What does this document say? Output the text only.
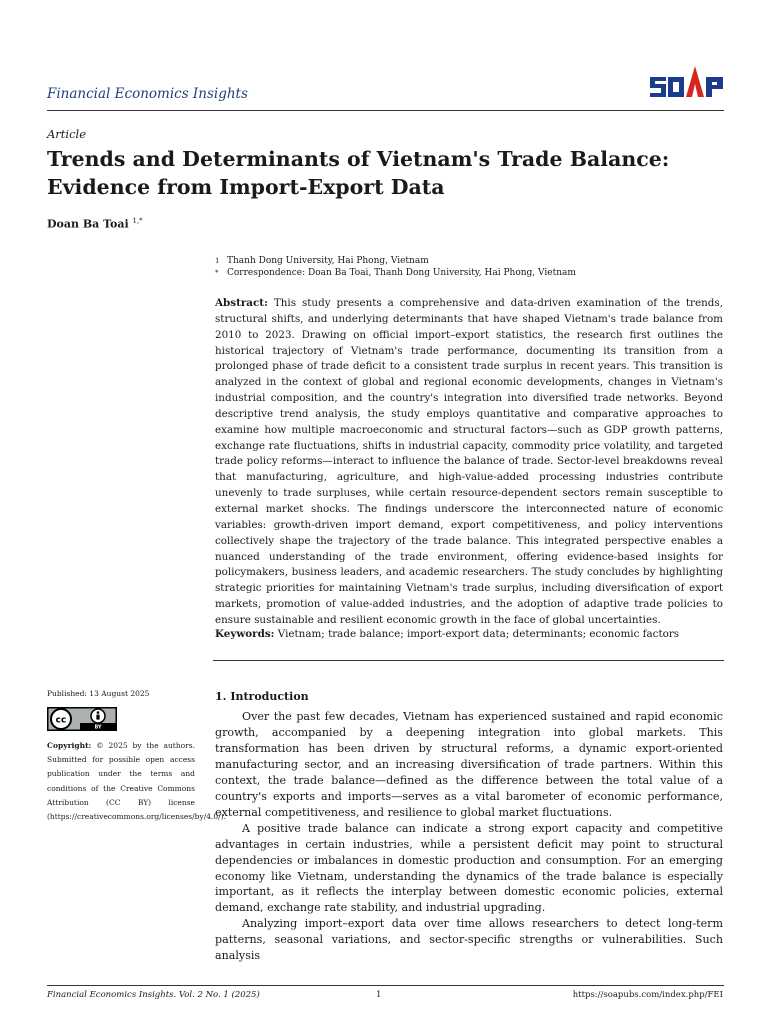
Financial Economics Insights
Article
Trends and Determinants of Vietnam's Trade Balance: Evidence from Import-Export Data
Doan Ba Toai $^{1,*}$
1 Thanh Dong University, Hai Phong, Vietnam
* Correspondence: Doan Ba Toai, Thanh Dong University, Hai Phong, Vietnam
Abstract: This study presents a comprehensive and data-driven examination of the trends, structural shifts, and underlying determinants that have shaped Vietnam's trade balance from 2010 to 2023. Drawing on official import–export statistics, the research first outlines the historical trajectory of Vietnam's trade performance, documenting its transition from a prolonged phase of trade deficit to a consistent trade surplus in recent years. This transition is analyzed in the context of global and regional economic developments, changes in Vietnam's industrial composition, and the country's integration into diversified trade networks. Beyond descriptive trend analysis, the study employs quantitative and comparative approaches to examine how multiple macroeconomic and structural factors—such as GDP growth patterns, exchange rate fluctuations, shifts in industrial capacity, commodity price volatility, and targeted trade policy reforms—interact to influence the balance of trade. Sector-level breakdowns reveal that manufacturing, agriculture, and high-value-added processing industries contribute unevenly to trade surpluses, while certain resource-dependent sectors remain susceptible to external market shocks. The findings underscore the interconnected nature of economic variables: growth-driven import demand, export competitiveness, and policy interventions collectively shape the trajectory of the trade balance. This integrated perspective enables a nuanced understanding of the trade environment, offering evidence-based insights for policymakers, business leaders, and academic researchers. The study concludes by highlighting strategic priorities for maintaining Vietnam's trade surplus, including diversification of export markets, promotion of value-added industries, and the adoption of adaptive trade policies to ensure sustainable and resilient economic growth in the face of global uncertainties.
Keywords: Vietnam; trade balance; import-export data; determinants; economic factors
Published: 13 August 2025
cc
BY
Copyright: © 2025 by the authors. Submitted for possible open access publication under the terms and conditions of the Creative Commons Attribution (CC BY) license (https://creativecommons.org/licenses/by/4.0/).
1. Introduction

Over the past few decades, Vietnam has experienced sustained and rapid economic growth, accompanied by a deepening integration into global markets. This transformation has been driven by structural reforms, a dynamic export-oriented manufacturing sector, and an increasing diversification of trade partners. Within this context, the trade balance—defined as the difference between the total value of a country's exports and imports—serves as a vital barometer of economic performance, external competitiveness, and resilience to global market fluctuations.

A positive trade balance can indicate a strong export capacity and competitive advantages in certain industries, while a persistent deficit may point to structural dependencies or imbalances in domestic production and consumption. For an emerging economy like Vietnam, understanding the dynamics of the trade balance is especially important, as it reflects the interplay between domestic economic policies, external demand, exchange rate stability, and industrial upgrading.

Analyzing import–export data over time allows researchers to detect long-term patterns, seasonal variations, and sector-specific strengths or vulnerabilities. Such analysis

Financial Economics Insights. Vol. 2 No. 1 (2025)	1	https://soapubs.com/index.php/FEI
